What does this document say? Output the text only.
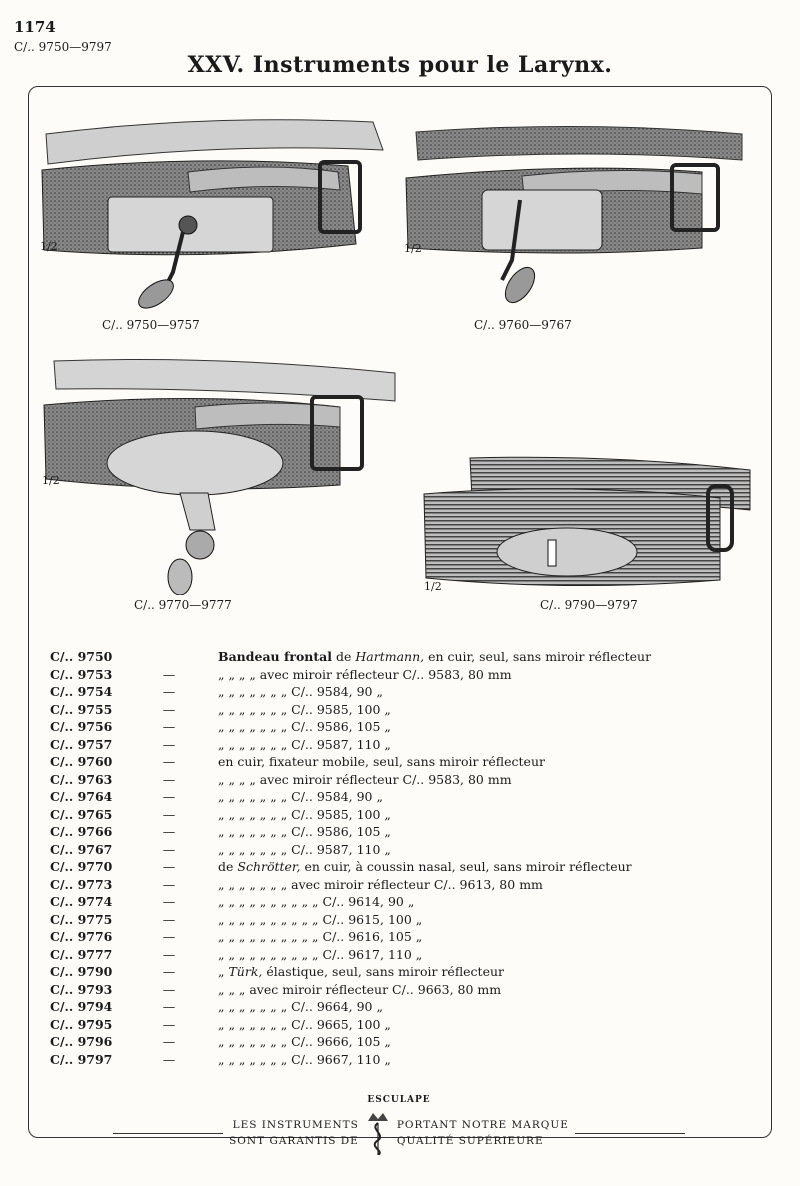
1174
C/.. 9750—9797
XXV. Instruments pour le Larynx.
1/2
C/.. 9750—9757
1/2
C/.. 9760—9767
1/2
C/.. 9770—9777
1/2
C/.. 9790—9797
C/.. 9750		Bandeau frontal de Hartmann, en cuir, seul, sans miroir réflecteur
C/.. 9753	—	„ „ „ „ avec miroir réflecteur C/.. 9583, 80 mm
C/.. 9754	—	„ „ „ „ „ „ „ C/.. 9584, 90 „
C/.. 9755	—	„ „ „ „ „ „ „ C/.. 9585, 100 „
C/.. 9756	—	„ „ „ „ „ „ „ C/.. 9586, 105 „
C/.. 9757	—	„ „ „ „ „ „ „ C/.. 9587, 110 „
C/.. 9760	—	en cuir, fixateur mobile, seul, sans miroir réflecteur
C/.. 9763	—	„ „ „ „ avec miroir réflecteur C/.. 9583, 80 mm
C/.. 9764	—	„ „ „ „ „ „ „ C/.. 9584, 90 „
C/.. 9765	—	„ „ „ „ „ „ „ C/.. 9585, 100 „
C/.. 9766	—	„ „ „ „ „ „ „ C/.. 9586, 105 „
C/.. 9767	—	„ „ „ „ „ „ „ C/.. 9587, 110 „
C/.. 9770	—	de Schrötter, en cuir, à coussin nasal, seul, sans miroir réflecteur
C/.. 9773	—	„ „ „ „ „ „ „ avec miroir réflecteur C/.. 9613, 80 mm
C/.. 9774	—	„ „ „ „ „ „ „ „ „ „ C/.. 9614, 90 „
C/.. 9775	—	„ „ „ „ „ „ „ „ „ „ C/.. 9615, 100 „
C/.. 9776	—	„ „ „ „ „ „ „ „ „ „ C/.. 9616, 105 „
C/.. 9777	—	„ „ „ „ „ „ „ „ „ „ C/.. 9617, 110 „
C/.. 9790	—	„ Türk, élastique, seul, sans miroir réflecteur
C/.. 9793	—	„ „ „ avec miroir réflecteur C/.. 9663, 80 mm
C/.. 9794	—	„ „ „ „ „ „ „ C/.. 9664, 90 „
C/.. 9795	—	„ „ „ „ „ „ „ C/.. 9665, 100 „
C/.. 9796	—	„ „ „ „ „ „ „ C/.. 9666, 105 „
C/.. 9797	—	„ „ „ „ „ „ „ C/.. 9667, 110 „
ESCULAPE
LES INSTRUMENTS
SONT GARANTIS DE
PORTANT NOTRE MARQUE
QUALITÉ SUPÉRIEURE
